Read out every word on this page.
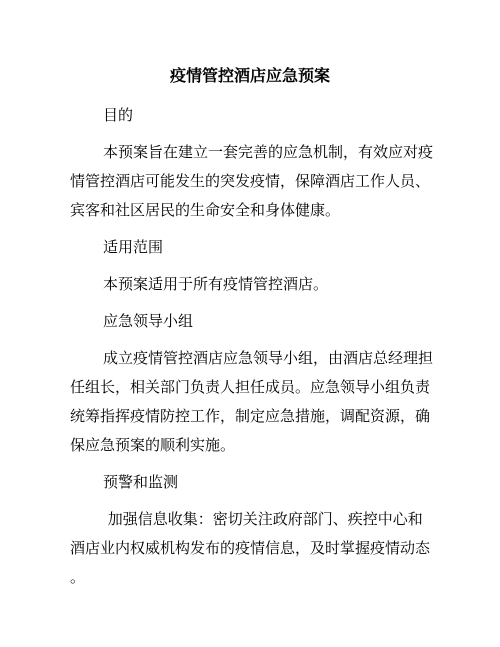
疫情管控酒店应急预案
目的
本预案旨在建立一套完善的应急机制，有效应对疫
情管控酒店可能发生的突发疫情，保障酒店工作人员、
宾客和社区居民的生命安全和身体健康。
适用范围
本预案适用于所有疫情管控酒店。
应急领导小组
成立疫情管控酒店应急领导小组，由酒店总经理担
任组长，相关部门负责人担任成员。应急领导小组负责
统筹指挥疫情防控工作，制定应急措施，调配资源，确
保应急预案的顺利实施。
预警和监测
加强信息收集：密切关注政府部门、疾控中心和
酒店业内权威机构发布的疫情信息，及时掌握疫情动态
。
